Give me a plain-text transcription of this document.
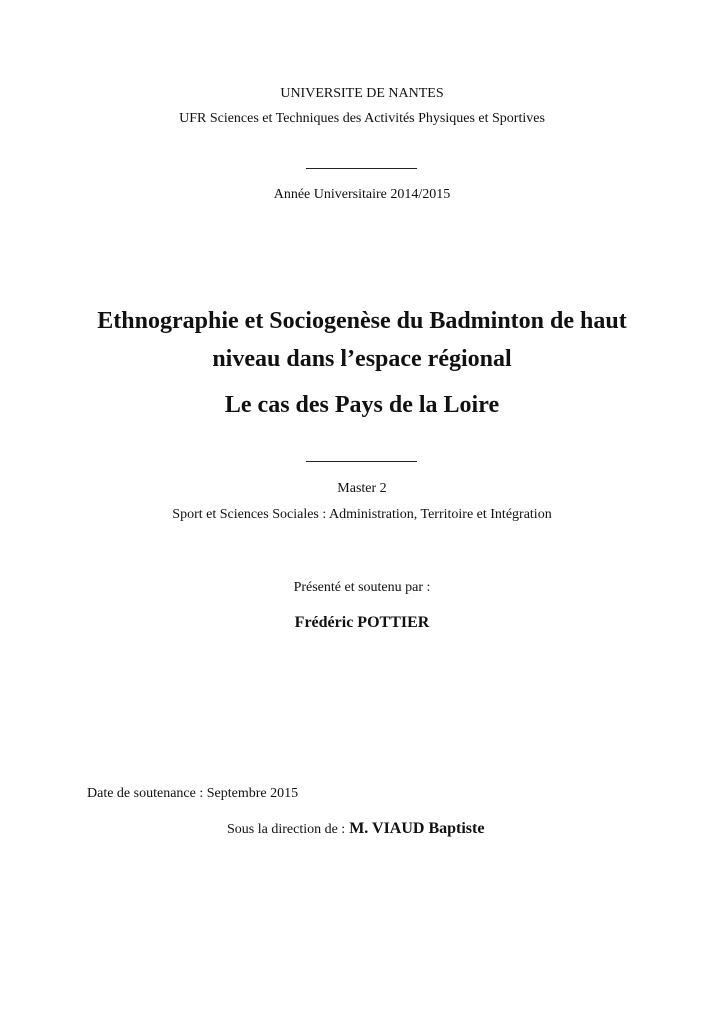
UNIVERSITE DE NANTES
UFR Sciences et Techniques des Activités Physiques et Sportives
Année Universitaire 2014/2015
Ethnographie et Sociogenèse du Badminton de haut
niveau dans l’espace régional
Le cas des Pays de la Loire
Master 2
Sport et Sciences Sociales : Administration, Territoire et Intégration
Présenté et soutenu par :
Frédéric POTTIER
Date de soutenance : Septembre 2015
Sous la direction de : M. VIAUD Baptiste
